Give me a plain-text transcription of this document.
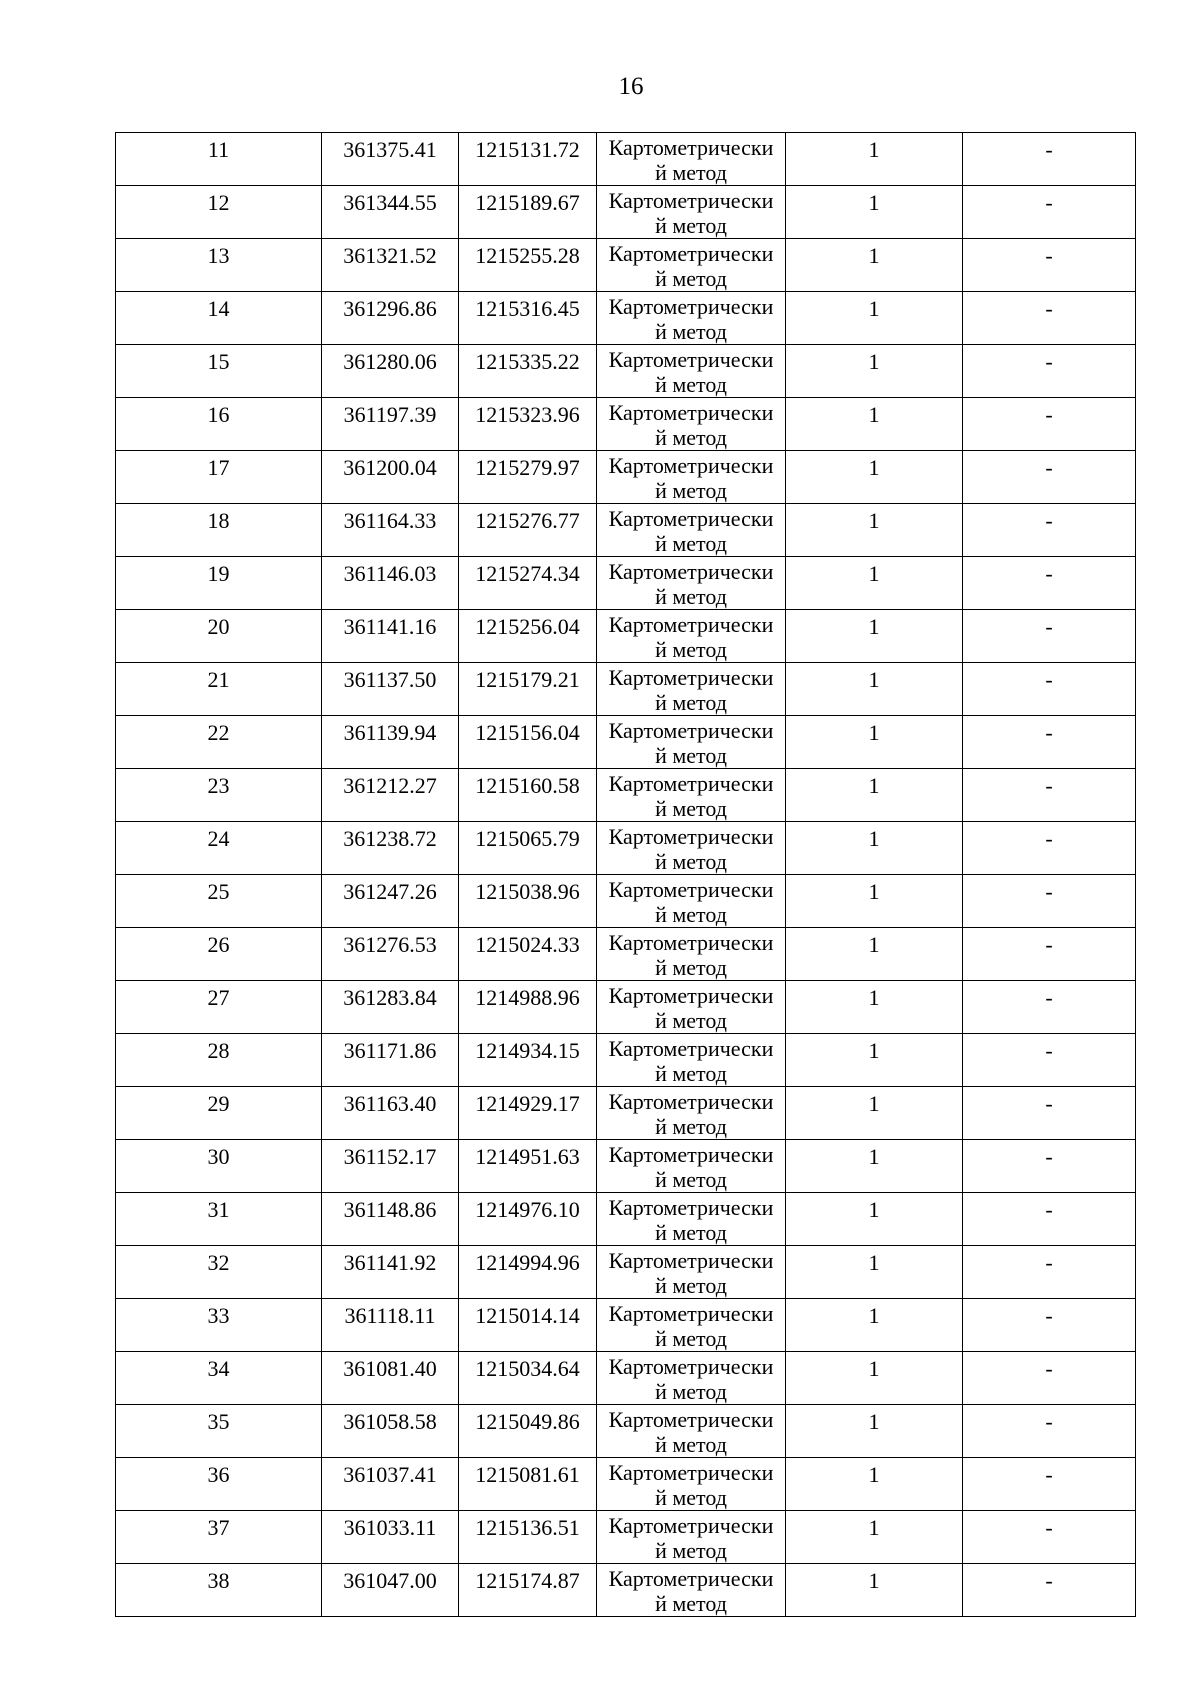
16
11	361375.41	1215131.72	Картометрически
й метод	1	-

12	361344.55	1215189.67	Картометрически
й метод	1	-

13	361321.52	1215255.28	Картометрически
й метод	1	-

14	361296.86	1215316.45	Картометрически
й метод	1	-

15	361280.06	1215335.22	Картометрически
й метод	1	-

16	361197.39	1215323.96	Картометрически
й метод	1	-

17	361200.04	1215279.97	Картометрически
й метод	1	-

18	361164.33	1215276.77	Картометрически
й метод	1	-

19	361146.03	1215274.34	Картометрически
й метод	1	-

20	361141.16	1215256.04	Картометрически
й метод	1	-

21	361137.50	1215179.21	Картометрически
й метод	1	-

22	361139.94	1215156.04	Картометрически
й метод	1	-

23	361212.27	1215160.58	Картометрически
й метод	1	-

24	361238.72	1215065.79	Картометрически
й метод	1	-

25	361247.26	1215038.96	Картометрически
й метод	1	-

26	361276.53	1215024.33	Картометрически
й метод	1	-

27	361283.84	1214988.96	Картометрически
й метод	1	-

28	361171.86	1214934.15	Картометрически
й метод	1	-

29	361163.40	1214929.17	Картометрически
й метод	1	-

30	361152.17	1214951.63	Картометрически
й метод	1	-

31	361148.86	1214976.10	Картометрически
й метод	1	-

32	361141.92	1214994.96	Картометрически
й метод	1	-

33	361118.11	1215014.14	Картометрически
й метод	1	-

34	361081.40	1215034.64	Картометрически
й метод	1	-

35	361058.58	1215049.86	Картометрически
й метод	1	-

36	361037.41	1215081.61	Картометрически
й метод	1	-

37	361033.11	1215136.51	Картометрически
й метод	1	-

38	361047.00	1215174.87	Картометрически
й метод	1	-
